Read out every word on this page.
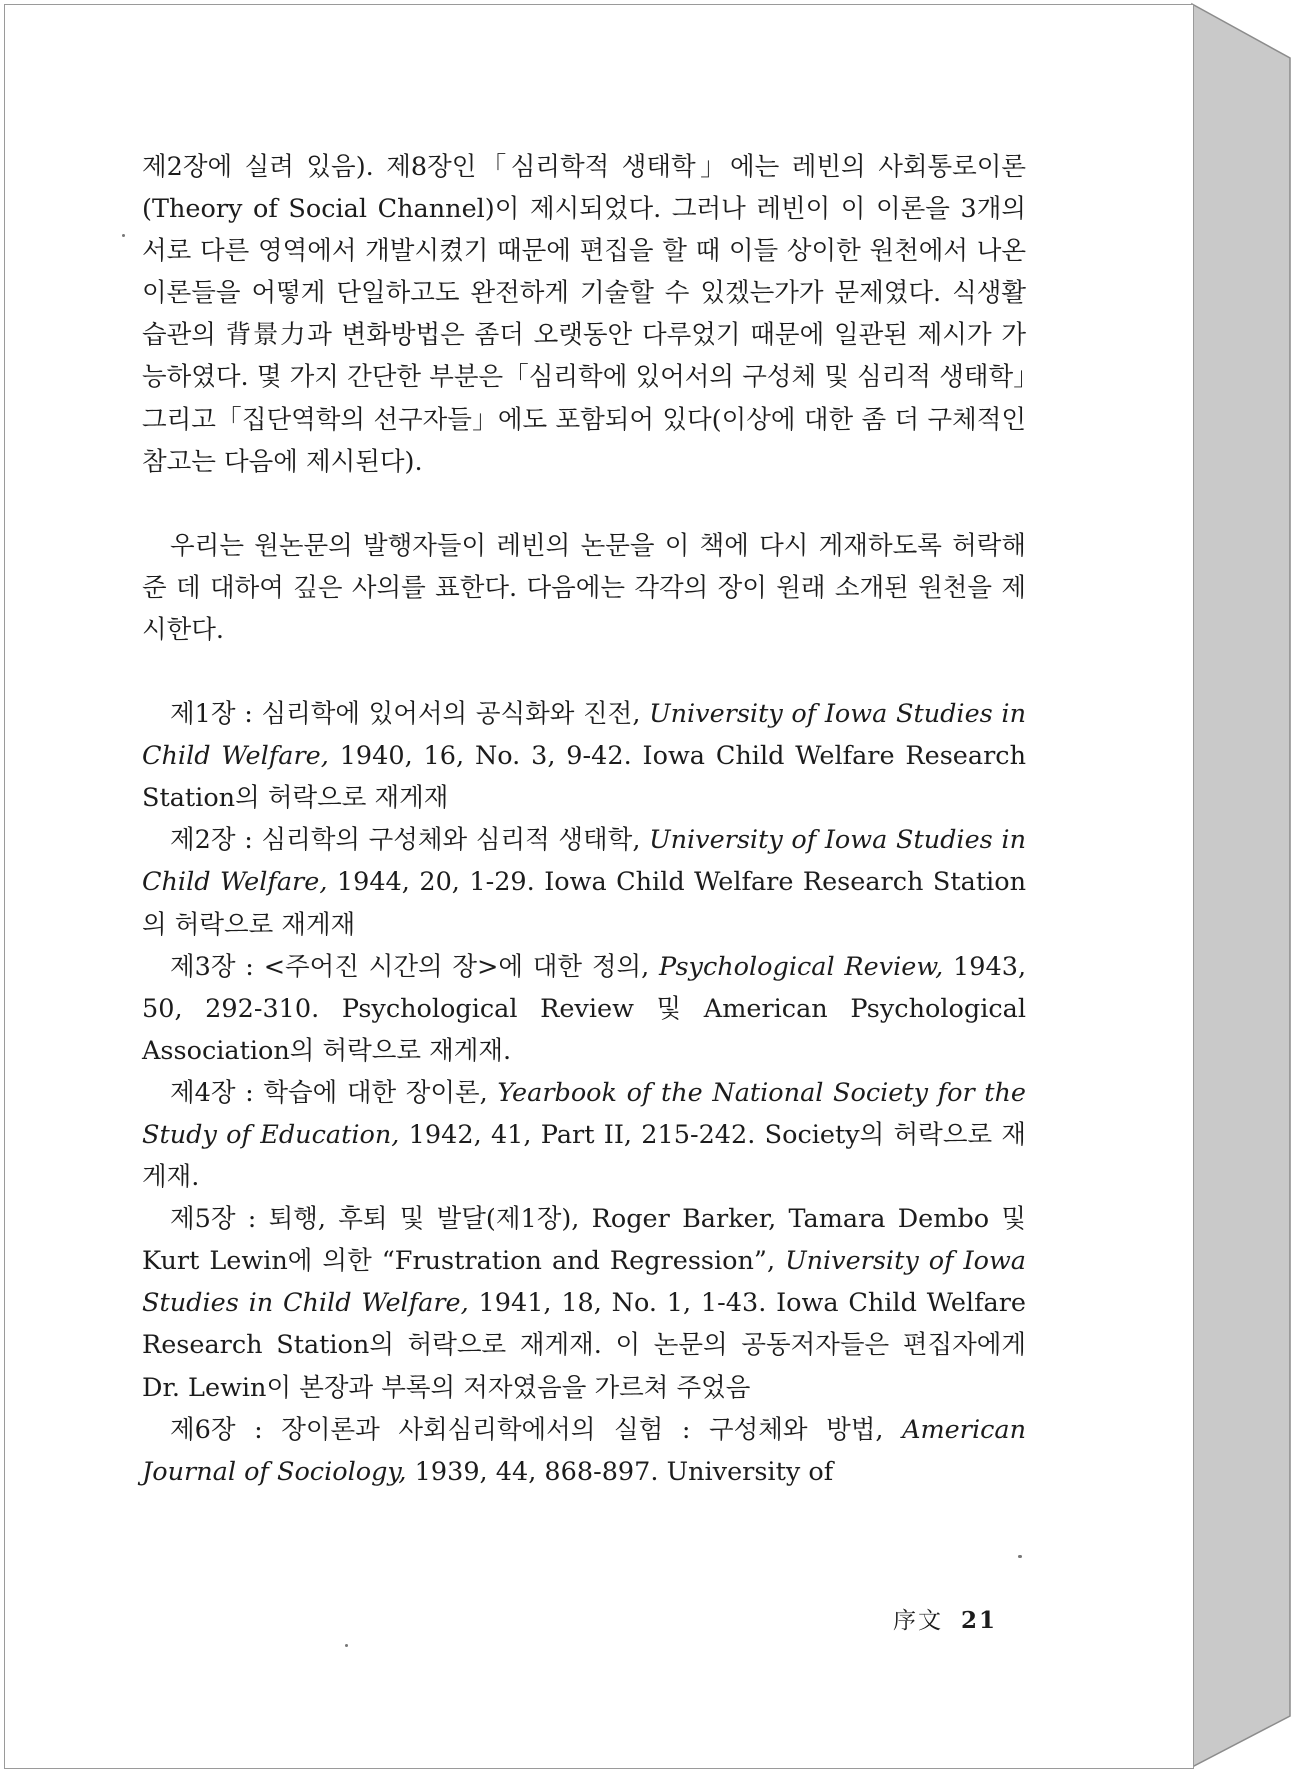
제2장에 실려 있음). 제8장인「심리학적 생태학」에는 레빈의 사회통로이론 (Theory of Social Channel)이 제시되었다. 그러나 레빈이 이 이론을 3개의 서로 다른 영역에서 개발시켰기 때문에 편집을 할 때 이들 상이한 원천에서 나온 이론들을 어떻게 단일하고도 완전하게 기술할 수 있겠는가가 문제였다. 식생활 습관의 背景力과 변화방법은 좀더 오랫동안 다루었기 때문에 일관된 제시가 가능하였다. 몇 가지 간단한 부분은「심리학에 있어서의 구성체 및 심리적 생태학」그리고「집단역학의 선구자들」에도 포함되어 있다(이상에 대한 좀 더 구체적인 참고는 다음에 제시된다).

우리는 원논문의 발행자들이 레빈의 논문을 이 책에 다시 게재하도록 허락해 준 데 대하여 깊은 사의를 표한다. 다음에는 각각의 장이 원래 소개된 원천을 제시한다.

제1장 : 심리학에 있어서의 공식화와 진전, University of Iowa Studies in Child Welfare, 1940, 16, No. 3, 9-42. Iowa Child Welfare Research Station의 허락으로 재게재

제2장 : 심리학의 구성체와 심리적 생태학, University of Iowa Studies in Child Welfare, 1944, 20, 1-29. Iowa Child Welfare Research Station의 허락으로 재게재

제3장 : <주어진 시간의 장>에 대한 정의, Psychological Review, 1943, 50, 292-310. Psychological Review 및 American Psychological Association의 허락으로 재게재.

제4장 : 학습에 대한 장이론, Yearbook of the National Society for the Study of Education, 1942, 41, Part II, 215-242. Society의 허락으로 재게재.

제5장 : 퇴행, 후퇴 및 발달(제1장), Roger Barker, Tamara Dembo 및 Kurt Lewin에 의한 “Frustration and Regression”, University of Iowa Studies in Child Welfare, 1941, 18, No. 1, 1-43. Iowa Child Welfare Research Station의 허락으로 재게재. 이 논문의 공동저자들은 편집자에게 Dr. Lewin이 본장과 부록의 저자였음을 가르쳐 주었음

제6장 : 장이론과 사회심리학에서의 실험 : 구성체와 방법, American Journal of Sociology, 1939, 44, 868-897. University of

序文 21
